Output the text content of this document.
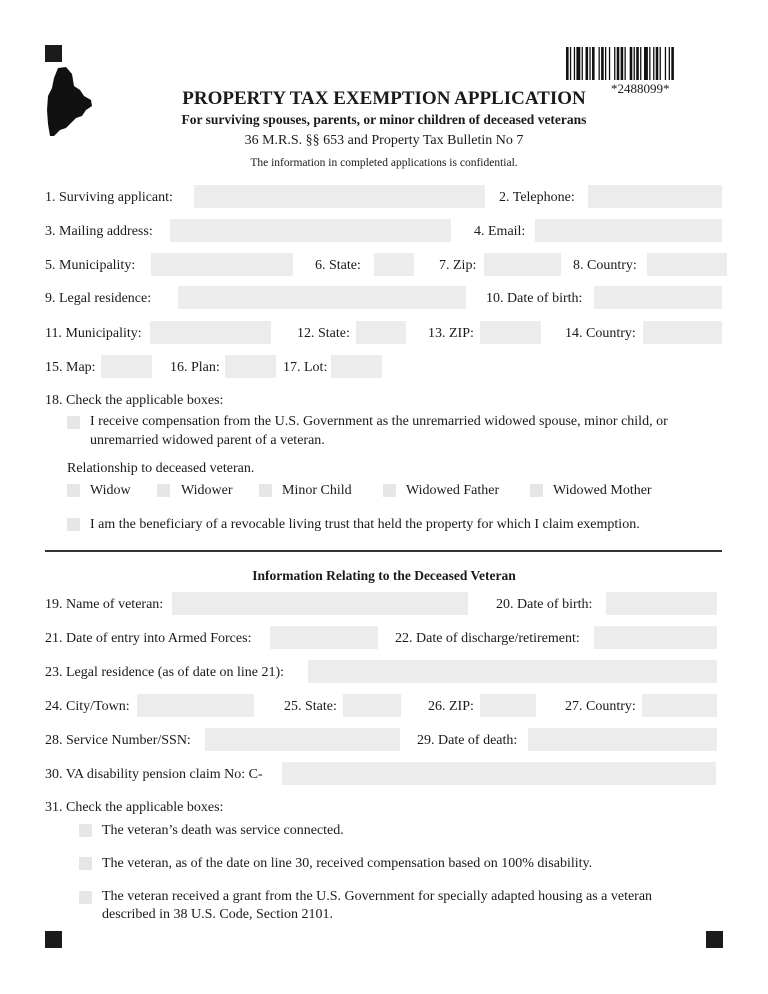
*2488099*
PROPERTY TAX EXEMPTION APPLICATION
For surviving spouses, parents, or minor children of deceased veterans
36 M.R.S. §§ 653 and Property Tax Bulletin No 7
The information in completed applications is confidential.
1. Surviving applicant:	2. Telephone:
3. Mailing address:	4. Email:
5. Municipality:	6. State:	7. Zip:	8. Country:
9. Legal residence:	10. Date of birth:
11. Municipality:	12. State:	13. ZIP:	14. Country:
15. Map:	16. Plan:	17. Lot:
18. Check the applicable boxes:
I receive compensation from the U.S. Government as the unremarried widowed spouse, minor child, or
unremarried widowed parent of a veteran.
Relationship to deceased veteran.
Widow	Widower	Minor Child	Widowed Father	Widowed Mother
I am the beneficiary of a revocable living trust that held the property for which I claim exemption.
Information Relating to the Deceased Veteran
19. Name of veteran:	20. Date of birth:
21. Date of entry into Armed Forces:	22. Date of discharge/retirement:
23. Legal residence (as of date on line 21):
24. City/Town:	25. State:	26. ZIP:	27. Country:
28. Service Number/SSN:	29. Date of death:
30. VA disability pension claim No: C-
31. Check the applicable boxes:
The veteran’s death was service connected.
The veteran, as of the date on line 30, received compensation based on 100% disability.
The veteran received a grant from the U.S. Government for specially adapted housing as a veteran
described in 38 U.S. Code, Section 2101.
